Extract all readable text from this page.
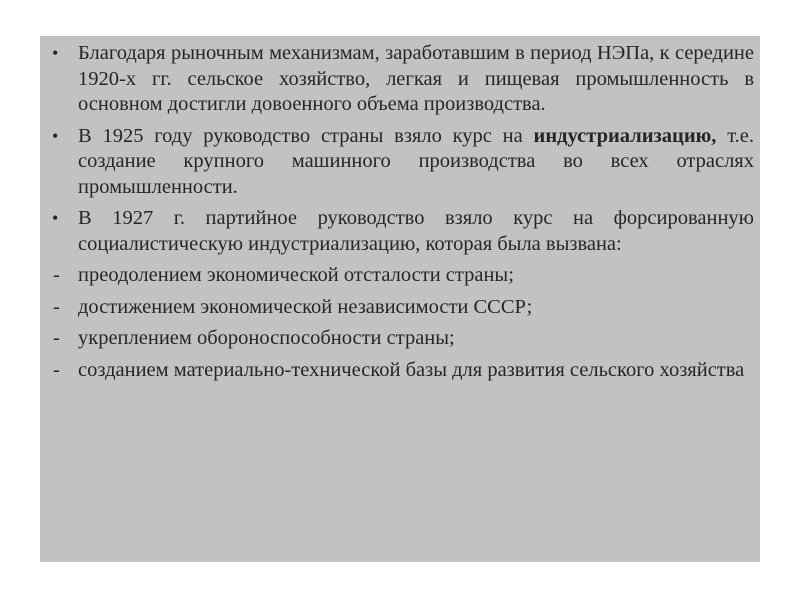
• Благодаря рыночным механизмам, заработавшим в период НЭПа, к середине 1920-х гг. сельское хозяйство, легкая и пищевая промышленность в основном достигли довоенного объема производства.
• В 1925 году руководство страны взяло курс на индустриализацию, т.е. создание крупного машинного производства во всех отраслях промышленности.
• В 1927 г. партийное руководство взяло курс на форсированную  социалистическую индустриализацию, которая была вызвана:
- преодолением экономической отсталости страны;
- достижением экономической независимости СССР;
- укреплением обороноспособности страны;
- созданием материально-технической базы для развития сельского хозяйства
